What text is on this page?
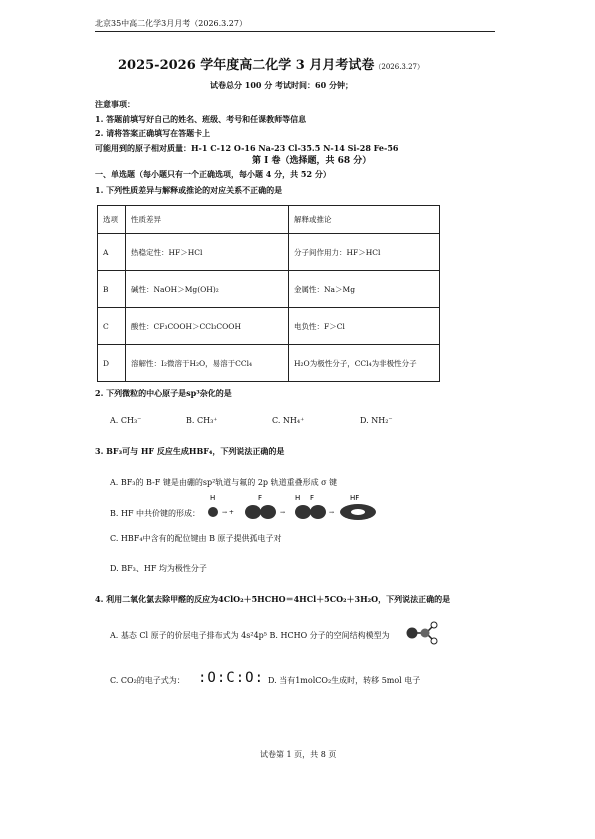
北京35中高二化学3月月考（2026.3.27）
2025-2026 学年度高二化学 3 月月考试卷（2026.3.27）
试卷总分 100 分 考试时间：60 分钟；
注意事项：
1. 答题前填写好自己的姓名、班级、考号和任课教师等信息
2. 请将答案正确填写在答题卡上
可能用到的原子相对质量：H-1 C-12 O-16 Na-23 Cl-35.5 N-14 Si-28 Fe-56
第 I 卷（选择题，共 68 分）
一、单选题（每小题只有一个正确选项，每小题 4 分，共 52 分）
1. 下列性质差异与解释或推论的对应关系不正确的是
选项	性质差异	解释或推论
A	热稳定性：HF＞HCl	分子间作用力：HF＞HCl
B	碱性：NaOH＞Mg(OH)₂	金属性：Na＞Mg
C	酸性：CF₃COOH＞CCl₃COOH	电负性：F＞Cl
D	溶解性：I₂微溶于H₂O，易溶于CCl₄	H₂O为极性分子，CCl₄为非极性分子
2. 下列微粒的中心原子是sp³杂化的是
A. CH₃⁻	B. CH₃⁺	C. NH₄⁺	D. NH₂⁻
3. BF₃可与 HF 反应生成HBF₄，下列说法正确的是
A. BF₃的 B-F 键是由硼的sp²轨道与氟的 2p 轨道重叠形成 σ 键
B. HF 中共价键的形成：
H
→ +
F
→
H F
→
HF
C. HBF₄中含有的配位键由 B 原子提供孤电子对
D. BF₃、HF 均为极性分子
4. 利用二氧化氯去除甲醛的反应为4ClO₂＋5HCHO＝4HCl＋5CO₂＋3H₂O，下列说法正确的是
A. 基态 Cl 原子的价层电子排布式为 4s²4p⁵ B. HCHO 分子的空间结构模型为
C. CO₂的电子式为： :O:C:O: D. 当有1molCO₂生成时，转移 5mol 电子
试卷第 1 页，共 8 页
